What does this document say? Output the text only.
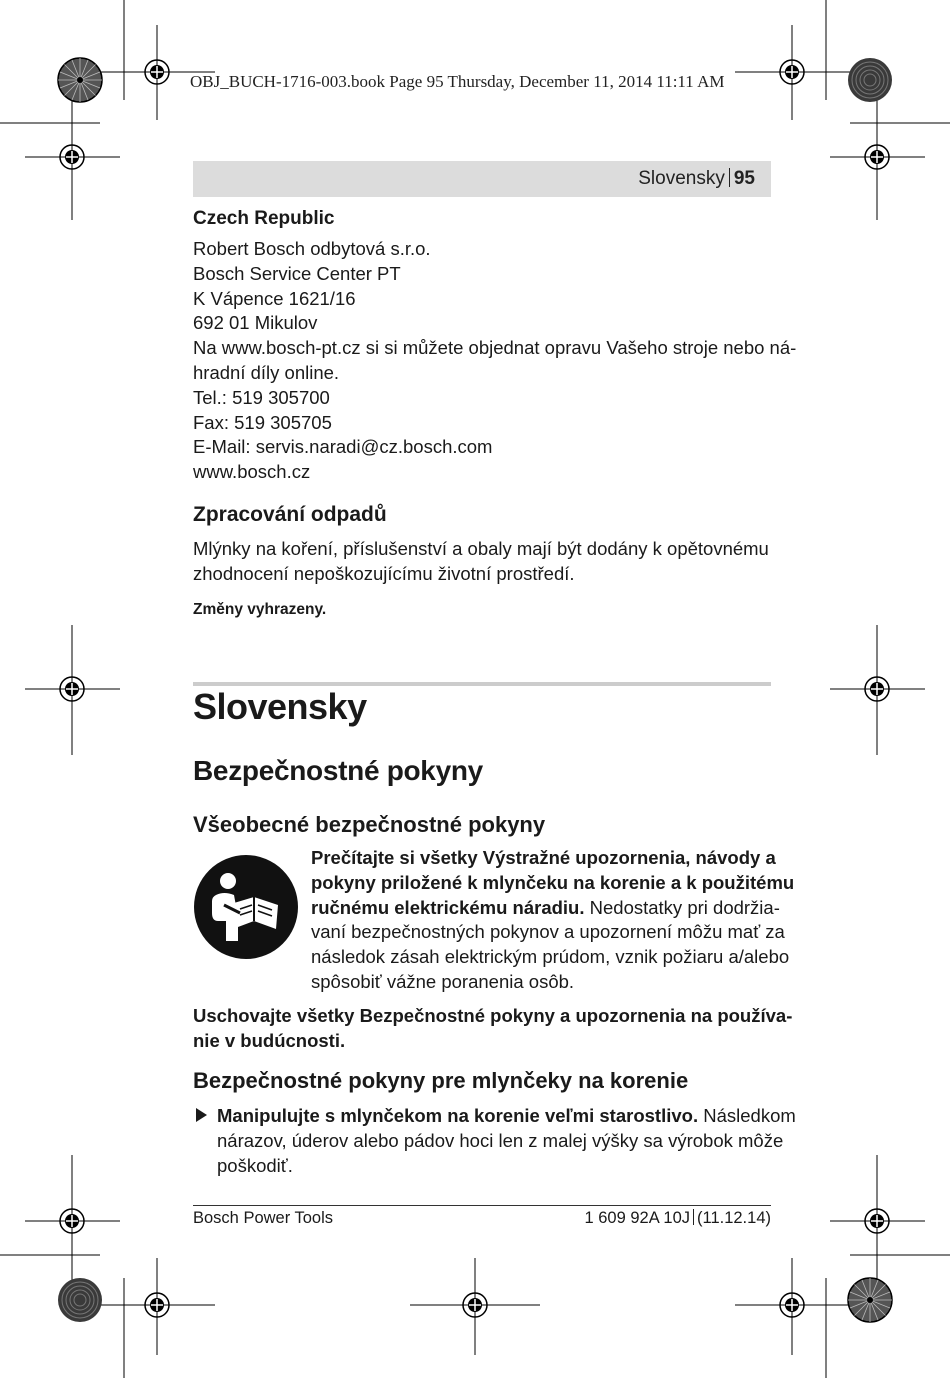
OBJ_BUCH-1716-003.book Page 95 Thursday, December 11, 2014 11:11 AM
Slovensky 95
Czech Republic
Robert Bosch odbytová s.r.o.
Bosch Service Center PT
K Vápence 1621/16
692 01 Mikulov
Na www.bosch-pt.cz si si můžete objednat opravu Vašeho stroje nebo ná-
hradní díly online.
Tel.: 519 305700
Fax: 519 305705
E-Mail: servis.naradi@cz.bosch.com
www.bosch.cz
Zpracování odpadů
Mlýnky na koření, příslušenství a obaly mají být dodány k opětovnému
zhodnocení nepoškozujícímu životní prostředí.
Změny vyhrazeny.
Slovensky
Bezpečnostné pokyny
Všeobecné bezpečnostné pokyny
Prečítajte si všetky Výstražné upozornenia, návody a
pokyny priložené k mlynčeku na korenie a k použitému
ručnému elektrickému náradiu. Nedostatky pri dodržia-
vaní bezpečnostných pokynov a upozornení môžu mať za
následok zásah elektrickým prúdom, vznik požiaru a/alebo
spôsobiť vážne poranenia osôb.
Uschovajte všetky Bezpečnostné pokyny a upozornenia na používa-
nie v budúcnosti.
Bezpečnostné pokyny pre mlynčeky na korenie
Manipulujte s mlynčekom na korenie veľmi starostlivo. Následkom
nárazov, úderov alebo pádov hoci len z malej výšky sa výrobok môže
poškodiť.
Bosch Power Tools	1 609 92A 10J (11.12.14)
